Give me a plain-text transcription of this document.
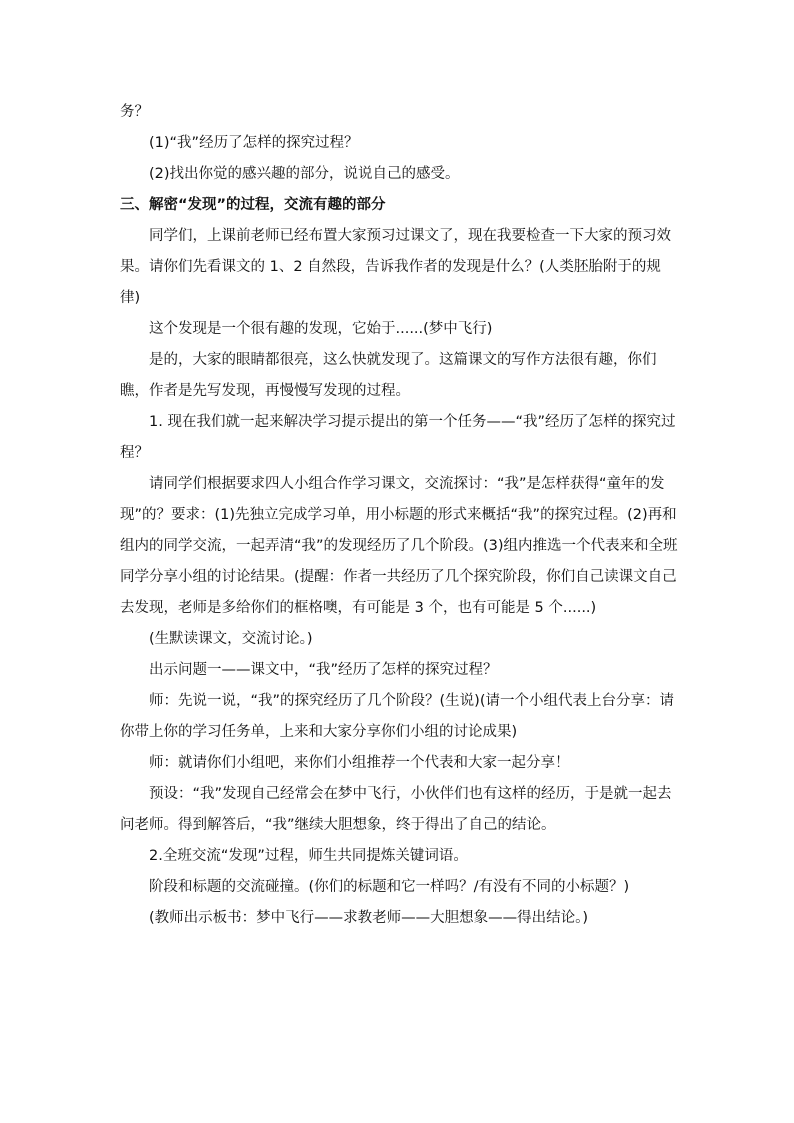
务？

(1)“我”经历了怎样的探究过程？

(2)找出你觉的感兴趣的部分，说说自己的感受。

三、解密“发现”的过程，交流有趣的部分

同学们，上课前老师已经布置大家预习过课文了，现在我要检查一下大家的预习效果。请你们先看课文的 1、2 自然段，告诉我作者的发现是什么？(人类胚胎附于的规律)

这个发现是一个很有趣的发现，它始于......(梦中飞行)

是的，大家的眼睛都很亮，这么快就发现了。这篇课文的写作方法很有趣，你们瞧，作者是先写发现，再慢慢写发现的过程。

1. 现在我们就一起来解决学习提示提出的第一个任务——“我”经历了怎样的探究过程？

请同学们根据要求四人小组合作学习课文，交流探讨：“我”是怎样获得“童年的发现”的？要求：(1)先独立完成学习单，用小标题的形式来概括“我”的探究过程。(2)再和组内的同学交流，一起弄清“我”的发现经历了几个阶段。(3)组内推选一个代表来和全班同学分享小组的讨论结果。(提醒：作者一共经历了几个探究阶段，你们自己读课文自己去发现，老师是多给你们的框格噢，有可能是 3 个，也有可能是 5 个......)

(生默读课文，交流讨论。)

出示问题一——课文中，“我”经历了怎样的探究过程？

师：先说一说，“我”的探究经历了几个阶段？(生说)(请一个小组代表上台分享：请你带上你的学习任务单，上来和大家分享你们小组的讨论成果)

师：就请你们小组吧，来你们小组推荐一个代表和大家一起分享！

预设：“我”发现自己经常会在梦中飞行，小伙伴们也有这样的经历，于是就一起去问老师。得到解答后，“我”继续大胆想象，终于得出了自己的结论。

2.全班交流“发现”过程，师生共同提炼关键词语。

阶段和标题的交流碰撞。(你们的标题和它一样吗？/有没有不同的小标题？)

(教师出示板书：梦中飞行——求教老师——大胆想象——得出结论。)
